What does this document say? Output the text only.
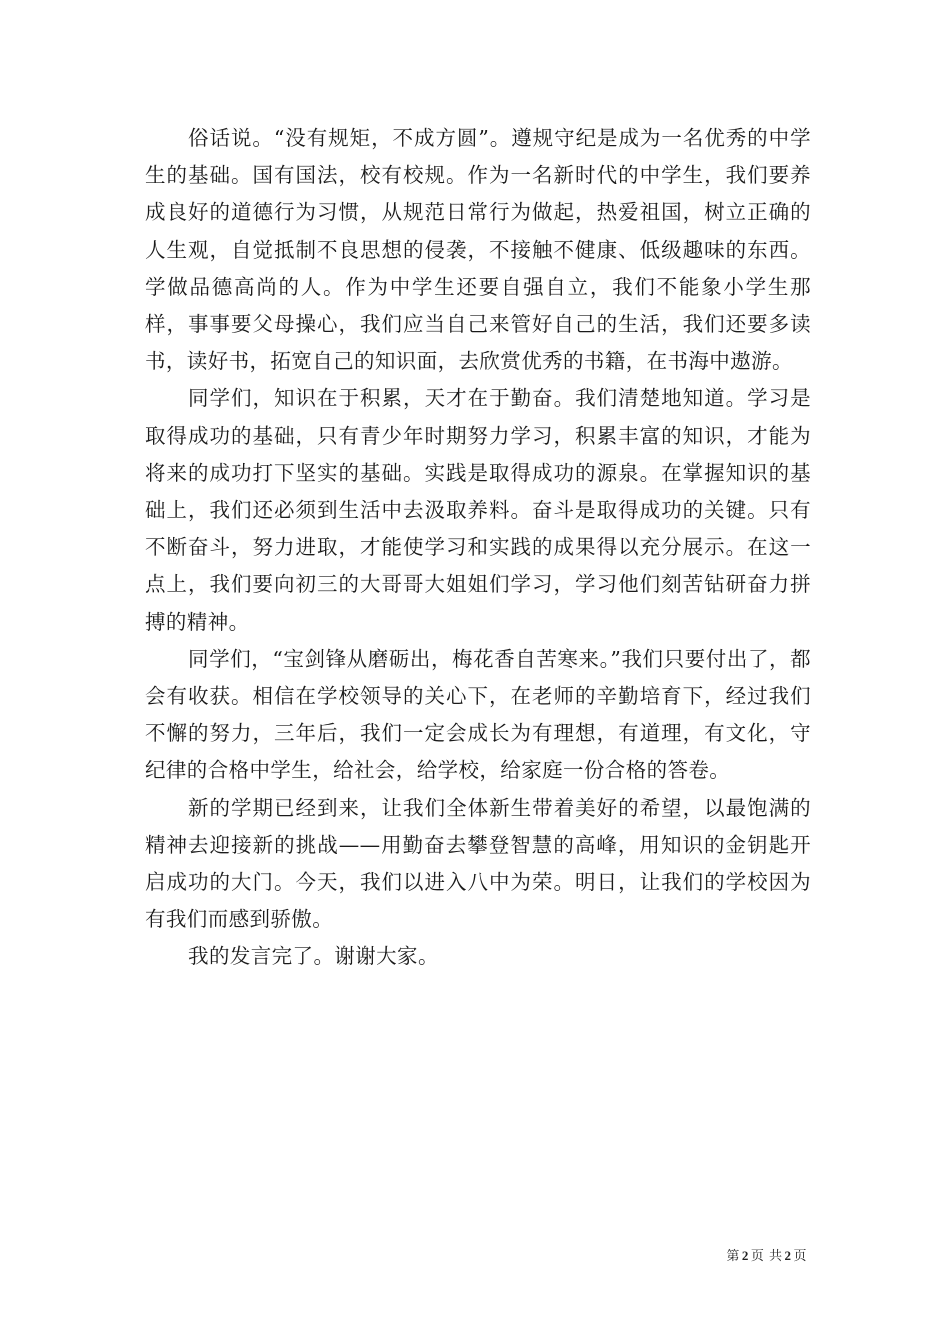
俗话说。“没有规矩，不成方圆”。遵规守纪是成为一名优秀的中学生的基础。国有国法，校有校规。作为一名新时代的中学生，我们要养成良好的道德行为习惯，从规范日常行为做起，热爱祖国，树立正确的人生观，自觉抵制不良思想的侵袭，不接触不健康、低级趣味的东西。学做品德高尚的人。作为中学生还要自强自立，我们不能象小学生那样，事事要父母操心，我们应当自己来管好自己的生活，我们还要多读书，读好书，拓宽自己的知识面，去欣赏优秀的书籍，在书海中遨游。

同学们，知识在于积累，天才在于勤奋。我们清楚地知道。学习是取得成功的基础，只有青少年时期努力学习，积累丰富的知识，才能为将来的成功打下坚实的基础。实践是取得成功的源泉。在掌握知识的基础上，我们还必须到生活中去汲取养料。奋斗是取得成功的关键。只有不断奋斗，努力进取，才能使学习和实践的成果得以充分展示。在这一点上，我们要向初三的大哥哥大姐姐们学习，学习他们刻苦钻研奋力拼搏的精神。

同学们，“宝剑锋从磨砺出，梅花香自苦寒来。”我们只要付出了，都会有收获。相信在学校领导的关心下，在老师的辛勤培育下，经过我们不懈的努力，三年后，我们一定会成长为有理想，有道理，有文化，守纪律的合格中学生，给社会，给学校，给家庭一份合格的答卷。

新的学期已经到来，让我们全体新生带着美好的希望，以最饱满的精神去迎接新的挑战——用勤奋去攀登智慧的高峰，用知识的金钥匙开启成功的大门。今天，我们以进入八中为荣。明日，让我们的学校因为有我们而感到骄傲。

我的发言完了。谢谢大家。

第 2 页 共 2 页
